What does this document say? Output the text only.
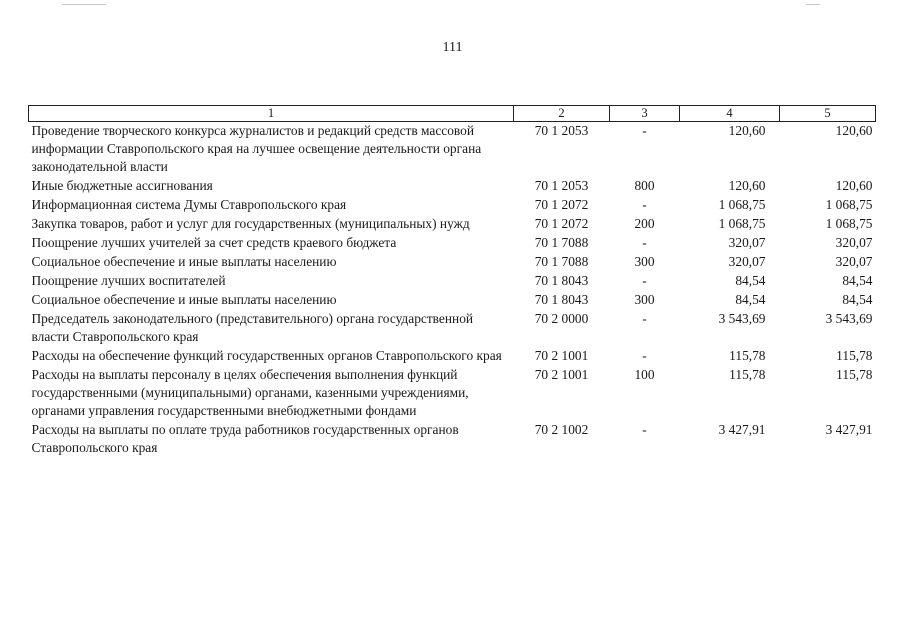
111
1	2	3	4	5
Проведение творческого конкурса журналистов и редакций средств массовой информации Ставропольского края на лучшее освещение деятельности органа законодательной власти	70 1 2053	-	120,60	120,60
Иные бюджетные ассигнования	70 1 2053	800	120,60	120,60
Информационная система Думы Ставропольского края	70 1 2072	-	1 068,75	1 068,75
Закупка товаров, работ и услуг для государственных (муниципальных) нужд	70 1 2072	200	1 068,75	1 068,75
Поощрение лучших учителей за счет средств краевого бюджета	70 1 7088	-	320,07	320,07
Социальное обеспечение и иные выплаты населению	70 1 7088	300	320,07	320,07
Поощрение лучших воспитателей	70 1 8043	-	84,54	84,54
Социальное обеспечение и иные выплаты населению	70 1 8043	300	84,54	84,54
Председатель законодательного (представительного) органа государственной власти Ставропольского края	70 2 0000	-	3 543,69	3 543,69
Расходы на обеспечение функций государственных органов Ставропольского края	70 2 1001	-	115,78	115,78
Расходы на выплаты персоналу в целях обеспечения выполнения функций государственными (муниципальными) органами, казенными учреждениями, органами управления государственными внебюджетными фондами	70 2 1001	100	115,78	115,78
Расходы на выплаты по оплате труда работников государственных органов Ставропольского края	70 2 1002	-	3 427,91	3 427,91
